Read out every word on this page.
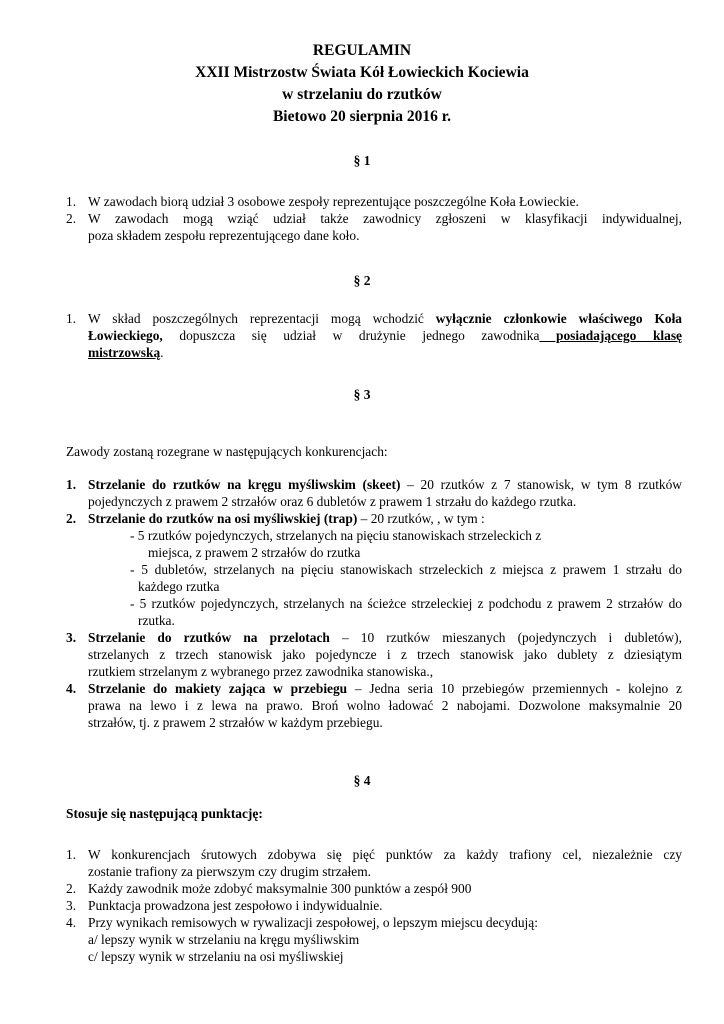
REGULAMIN
XXII Mistrzostw Świata Kół Łowieckich Kociewia
w strzelaniu do rzutków
Bietowo 20 sierpnia 2016 r.
§ 1
1. W zawodach biorą udział 3 osobowe zespoły reprezentujące poszczególne Koła Łowieckie.
2. W zawodach mogą wziąć udział także zawodnicy zgłoszeni w klasyfikacji indywidualnej,
poza składem zespołu reprezentującego dane koło.
§ 2
1. W skład poszczególnych reprezentacji mogą wchodzić wyłącznie członkowie właściwego Koła
Łowieckiego, dopuszcza się udział w drużynie jednego zawodnika posiadającego klasę
mistrzowską.
§ 3
Zawody zostaną rozegrane w następujących konkurencjach:
1. Strzelanie do rzutków na kręgu myśliwskim (skeet) – 20 rzutków z 7 stanowisk, w tym 8 rzutków
pojedynczych z prawem 2 strzałów oraz 6 dubletów z prawem 1 strzału do każdego rzutka.
2. Strzelanie do rzutków na osi myśliwskiej (trap) – 20 rzutków, , w tym :
- 5 rzutków pojedynczych, strzelanych na pięciu stanowiskach strzeleckich z
miejsca, z prawem 2 strzałów do rzutka
- 5 dubletów, strzelanych na pięciu stanowiskach strzeleckich z miejsca z prawem 1 strzału do
każdego rzutka
- 5 rzutków pojedynczych, strzelanych na ścieżce strzeleckiej z podchodu z prawem 2 strzałów do
rzutka.
3. Strzelanie do rzutków na przelotach – 10 rzutków mieszanych (pojedynczych i dubletów),
strzelanych z trzech stanowisk jako pojedyncze i z trzech stanowisk jako dublety z dziesiątym
rzutkiem strzelanym z wybranego przez zawodnika stanowiska.,
4. Strzelanie do makiety zająca w przebiegu – Jedna seria 10 przebiegów przemiennych - kolejno z
prawa na lewo i z lewa na prawo. Broń wolno ładować 2 nabojami. Dozwolone maksymalnie 20
strzałów, tj. z prawem 2 strzałów w każdym przebiegu.
§ 4
Stosuje się następującą punktację:
1. W konkurencjach śrutowych zdobywa się pięć punktów za każdy trafiony cel, niezależnie czy
zostanie trafiony za pierwszym czy drugim strzałem.
2. Każdy zawodnik może zdobyć maksymalnie 300 punktów a zespół 900
3. Punktacja prowadzona jest zespołowo i indywidualnie.
4. Przy wynikach remisowych w rywalizacji zespołowej, o lepszym miejscu decydują:
a/ lepszy wynik w strzelaniu na kręgu myśliwskim
c/ lepszy wynik w strzelaniu na osi myśliwskiej
